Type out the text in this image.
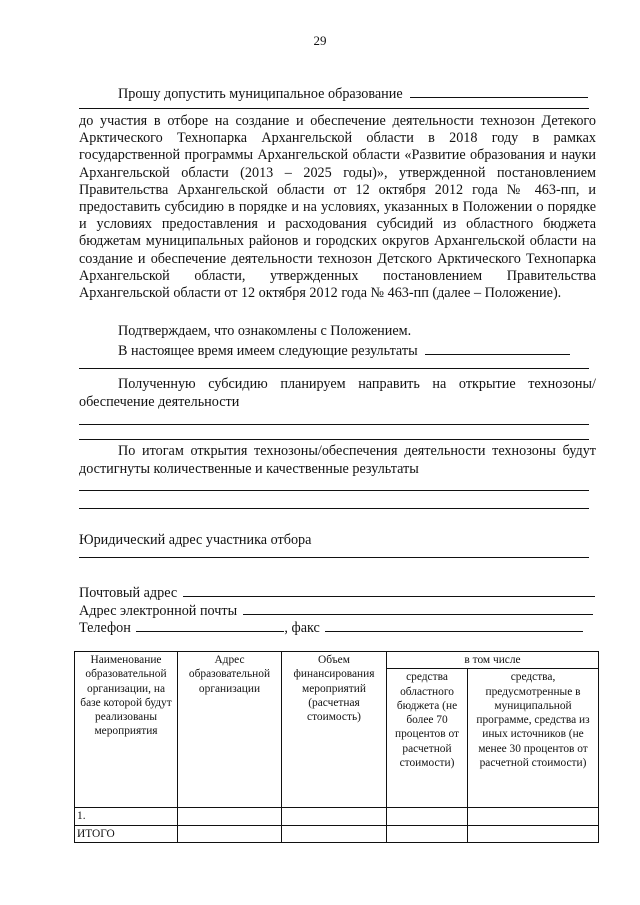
29
Прошу допустить муниципальное образование
до участия в отборе на создание и обеспечение деятельности технозон Детекого Арктического Технопарка Архангельской области в 2018 году в рамках государственной программы Архангельской области «Развитие образования и науки Архангельской области (2013 – 2025 годы)», утвержденной постановлением Правительства Архангельской области от 12 октября 2012 года № 463-пп, и предоставить субсидию в порядке и на условиях, указанных в Положении о порядке и условиях предоставления и расходования субсидий из областного бюджета бюджетам муниципальных районов и городских округов Архангельской области на создание и обеспечение деятельности технозон Детского Арктического Технопарка Архангельской области, утвержденных постановлением Правительства Архангельской области от 12 октября 2012 года № 463-пп (далее – Положение).
Подтверждаем, что ознакомлены с Положением.
В настоящее время имеем следующие результаты
Полученную субсидию планируем направить на открытие технозоны/ обеспечение деятельности
По итогам открытия технозоны/обеспечения деятельности технозоны будут достигнуты количественные и качественные результаты
Юридический адрес участника отбора
Почтовый адрес
Адрес электронной почты
Телефон	, факс
Наименование образовательной организации, на базе которой будут реализованы мероприятия	Адрес образовательной организации	Объем финансирования мероприятий (расчетная стоимость)	в том числе	
			средства областного бюджета (не более 70 процентов от расчетной стоимости)	средства, предусмотренные в муниципальной программе, средства из иных источников (не менее 30 процентов от расчетной стоимости)
1.				
ИТОГО				
